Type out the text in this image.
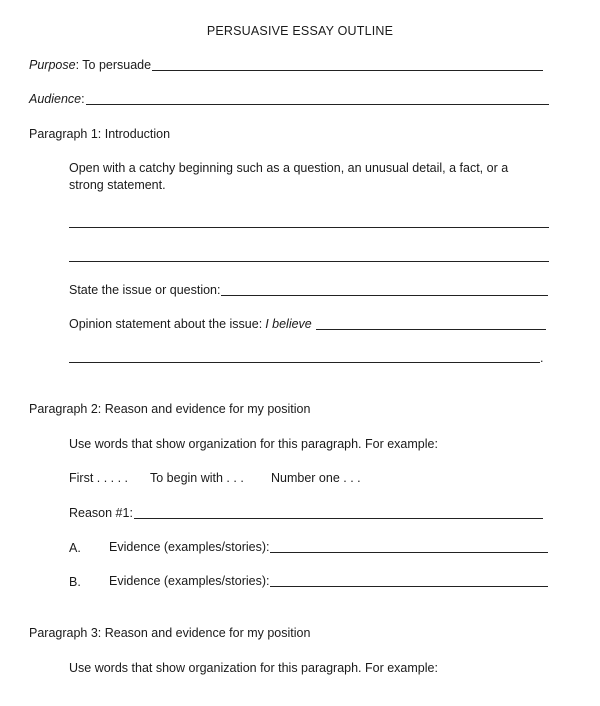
PERSUASIVE ESSAY OUTLINE
Purpose : To persuade
Audience :
Paragraph 1: Introduction
Open with a catchy beginning such as a question, an unusual detail, a fact, or a
strong statement.
State the issue or question:
Opinion statement about the issue: I believe
.
Paragraph 2: Reason and evidence for my position
Use words that show organization for this paragraph. For example:
First . . . . . To begin with . . . Number one . . .
Reason #1:
A. Evidence (examples/stories):
B. Evidence (examples/stories):
Paragraph 3: Reason and evidence for my position
Use words that show organization for this paragraph. For example:
